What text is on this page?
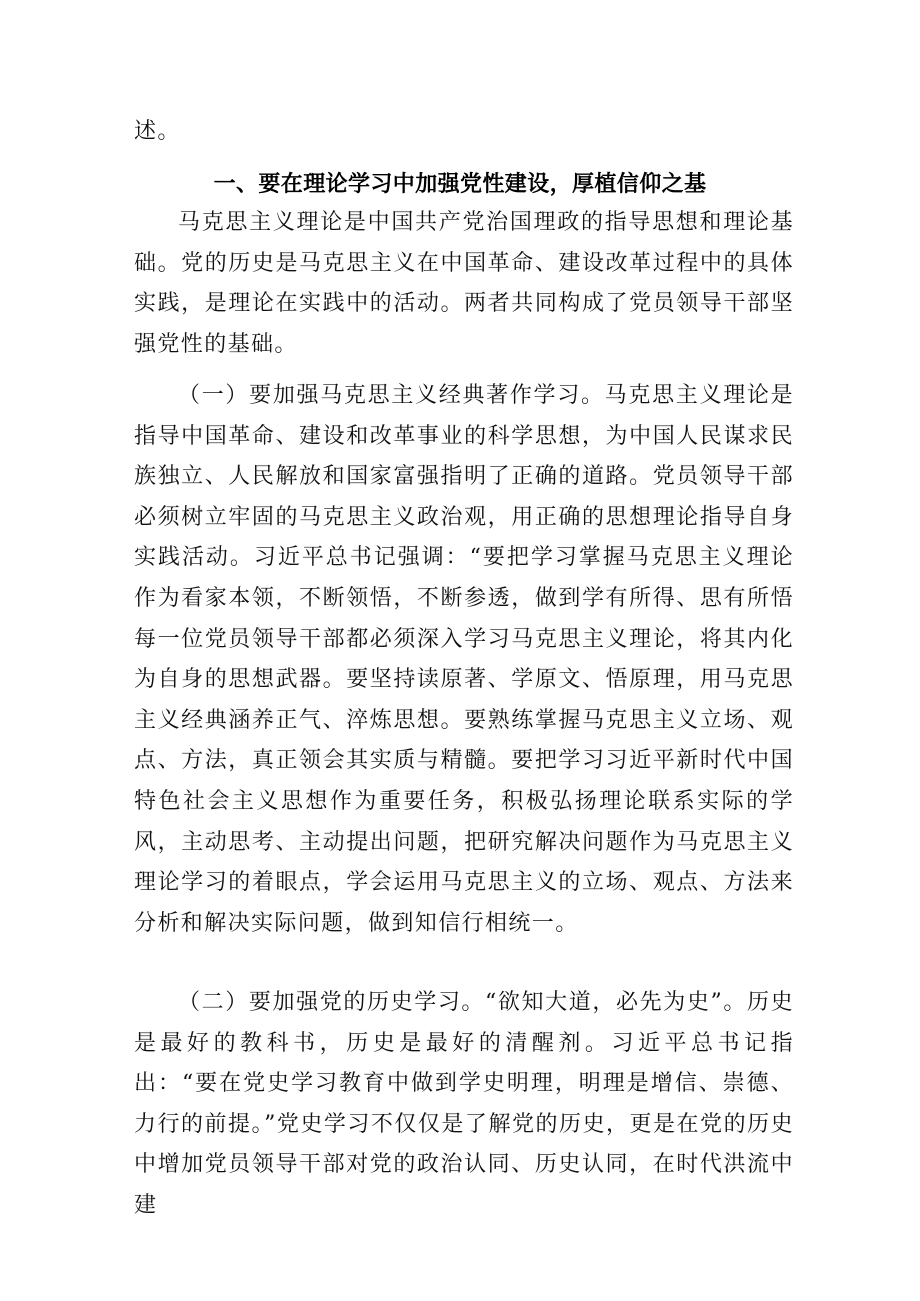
述。

一、要在理论学习中加强党性建设，厚植信仰之基

马克思主义理论是中国共产党治国理政的指导思想和理论基础。党的历史是马克思主义在中国革命、建设改革过程中的具体实践，是理论在实践中的活动。两者共同构成了党员领导干部坚强党性的基础。

（一）要加强马克思主义经典著作学习。马克思主义理论是指导中国革命、建设和改革事业的科学思想，为中国人民谋求民族独立、人民解放和国家富强指明了正确的道路。党员领导干部必须树立牢固的马克思主义政治观，用正确的思想理论指导自身实践活动。习近平总书记强调：“要把学习掌握马克思主义理论作为看家本领，不断领悟，不断参透，做到学有所得、思有所悟每一位党员领导干部都必须深入学习马克思主义理论，将其内化为自身的思想武器。要坚持读原著、学原文、悟原理，用马克思主义经典涵养正气、淬炼思想。要熟练掌握马克思主义立场、观点、方法，真正领会其实质与精髓。要把学习习近平新时代中国特色社会主义思想作为重要任务，积极弘扬理论联系实际的学风，主动思考、主动提出问题，把研究解决问题作为马克思主义理论学习的着眼点，学会运用马克思主义的立场、观点、方法来分析和解决实际问题，做到知信行相统一。

（二）要加强党的历史学习。“欲知大道，必先为史”。历史是最好的教科书，历史是最好的清醒剂。习近平总书记指出：“要在党史学习教育中做到学史明理，明理是增信、崇德、力行的前提。”党史学习不仅仅是了解党的历史，更是在党的历史中增加党员领导干部对党的政治认同、历史认同，在时代洪流中建
